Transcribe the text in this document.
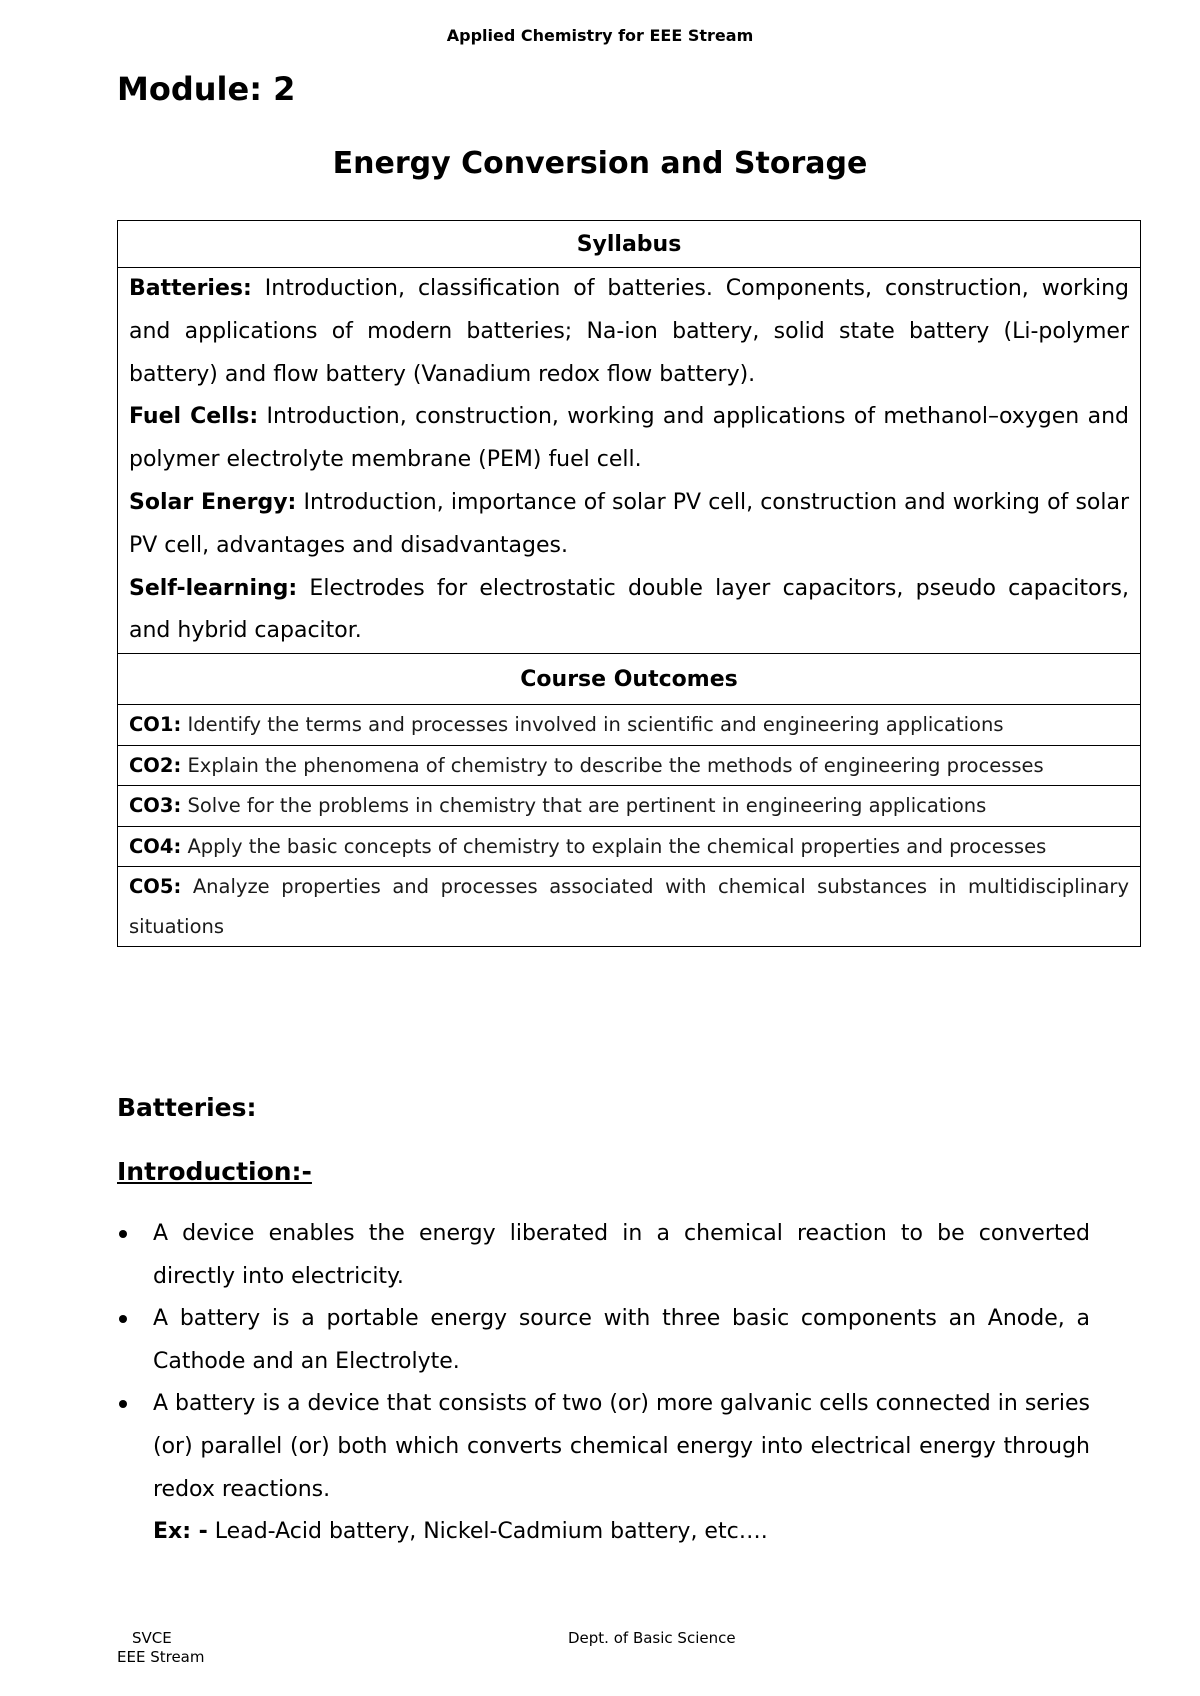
Applied Chemistry for EEE Stream
Module: 2
Energy Conversion and Storage
Syllabus

Batteries: Introduction, classification of batteries. Components, construction, working and applications of modern batteries; Na-ion battery, solid state battery (Li-polymer battery) and flow battery (Vanadium redox flow battery).

Fuel Cells: Introduction, construction, working and applications of methanol–oxygen and polymer electrolyte membrane (PEM) fuel cell.

Solar Energy: Introduction, importance of solar PV cell, construction and working of solar PV cell, advantages and disadvantages.

Self-learning: Electrodes for electrostatic double layer capacitors, pseudo capacitors, and hybrid capacitor.

Course Outcomes
CO1: Identify the terms and processes involved in scientific and engineering applications
CO2: Explain the phenomena of chemistry to describe the methods of engineering processes
CO3: Solve for the problems in chemistry that are pertinent in engineering applications
CO4: Apply the basic concepts of chemistry to explain the chemical properties and processes
CO5: Analyze properties and processes associated with chemical substances in multidisciplinary situations
Batteries:
Introduction:-
A device enables the energy liberated in a chemical reaction to be converted directly into electricity.
A battery is a portable energy source with three basic components an Anode, a Cathode and an Electrolyte.
A battery is a device that consists of two (or) more galvanic cells connected in series (or) parallel (or) both which converts chemical energy into electrical energy through redox reactions.
Ex: - Lead-Acid battery, Nickel-Cadmium battery, etc….
SVCE
EEE Stream
Dept. of Basic Science
